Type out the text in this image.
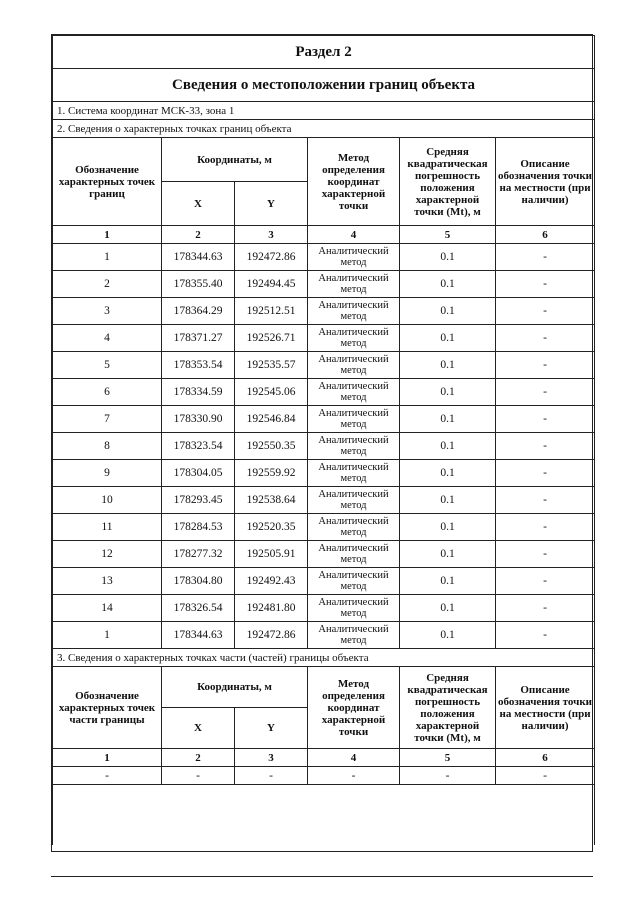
Раздел 2					
Сведения о местоположении границ объекта					
1. Система координат МСК-33, зона 1					
2. Сведения о характерных точках границ объекта					
Обозначение характерных точек границ	Координаты, м		Метод определения координат характерной точки	Средняя квадратическая погрешность положения характерной точки (Mt), м	Описание обозначения точки на местности (при наличии)
	X	Y			
1	2	3	4	5	6
1	178344.63	192472.86	Аналитический метод	0.1	-
2	178355.40	192494.45	Аналитический метод	0.1	-
3	178364.29	192512.51	Аналитический метод	0.1	-
4	178371.27	192526.71	Аналитический метод	0.1	-
5	178353.54	192535.57	Аналитический метод	0.1	-
6	178334.59	192545.06	Аналитический метод	0.1	-
7	178330.90	192546.84	Аналитический метод	0.1	-
8	178323.54	192550.35	Аналитический метод	0.1	-
9	178304.05	192559.92	Аналитический метод	0.1	-
10	178293.45	192538.64	Аналитический метод	0.1	-
11	178284.53	192520.35	Аналитический метод	0.1	-
12	178277.32	192505.91	Аналитический метод	0.1	-
13	178304.80	192492.43	Аналитический метод	0.1	-
14	178326.54	192481.80	Аналитический метод	0.1	-
1	178344.63	192472.86	Аналитический метод	0.1	-
3. Сведения о характерных точках части (частей) границы объекта					
Обозначение характерных точек части границы	Координаты, м		Метод определения координат характерной точки	Средняя квадратическая погрешность положения характерной точки (Mt), м	Описание обозначения точки на местности (при наличии)
	X	Y			
1	2	3	4	5	6
-	-	-	-	-	-
